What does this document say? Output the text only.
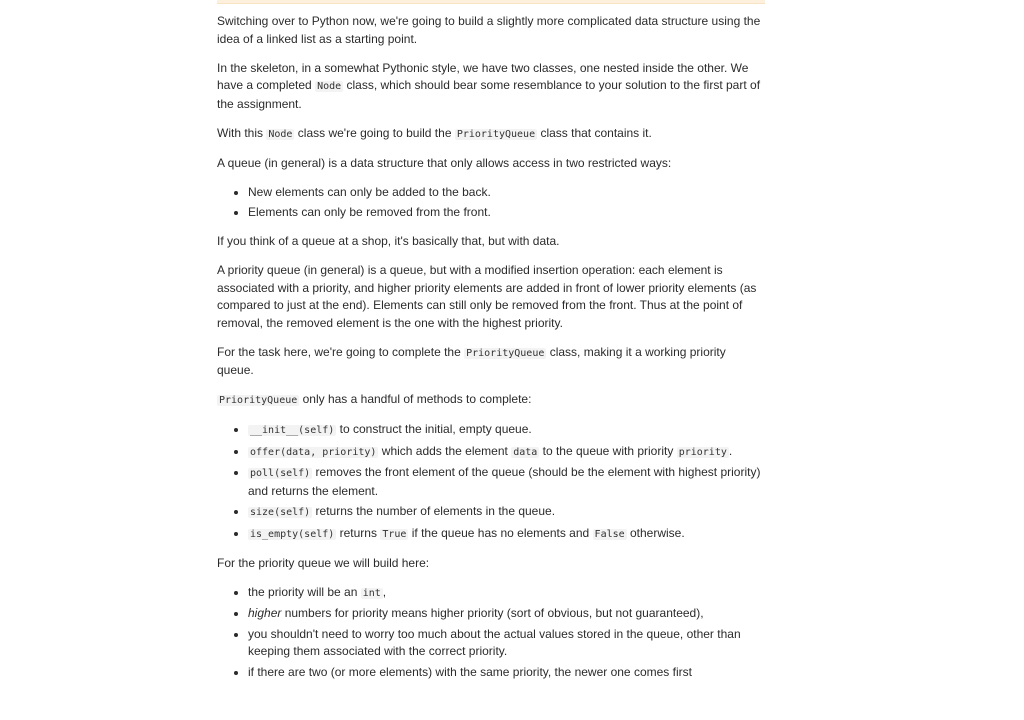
Switching over to Python now, we're going to build a slightly more complicated data structure using the idea of a linked list as a starting point.

In the skeleton, in a somewhat Pythonic style, we have two classes, one nested inside the other. We have a completed Node class, which should bear some resemblance to your solution to the first part of the assignment.

With this Node class we're going to build the PriorityQueue class that contains it.

A queue (in general) is a data structure that only allows access in two restricted ways:

• New elements can only be added to the back.
• Elements can only be removed from the front.

If you think of a queue at a shop, it's basically that, but with data.

A priority queue (in general) is a queue, but with a modified insertion operation: each element is associated with a priority, and higher priority elements are added in front of lower priority elements (as compared to just at the end). Elements can still only be removed from the front. Thus at the point of removal, the removed element is the one with the highest priority.

For the task here, we're going to complete the PriorityQueue class, making it a working priority queue.

PriorityQueue only has a handful of methods to complete:

• __init__(self) to construct the initial, empty queue.
• offer(data, priority) which adds the element data to the queue with priority priority .
• poll(self) removes the front element of the queue (should be the element with highest priority) and returns the element.
• size(self) returns the number of elements in the queue.
• is_empty(self) returns True if the queue has no elements and False otherwise.

For the priority queue we will build here:

• the priority will be an int ,
• higher numbers for priority means higher priority (sort of obvious, but not guaranteed),
• you shouldn't need to worry too much about the actual values stored in the queue, other than keeping them associated with the correct priority.
• if there are two (or more elements) with the same priority, the newer one comes first
